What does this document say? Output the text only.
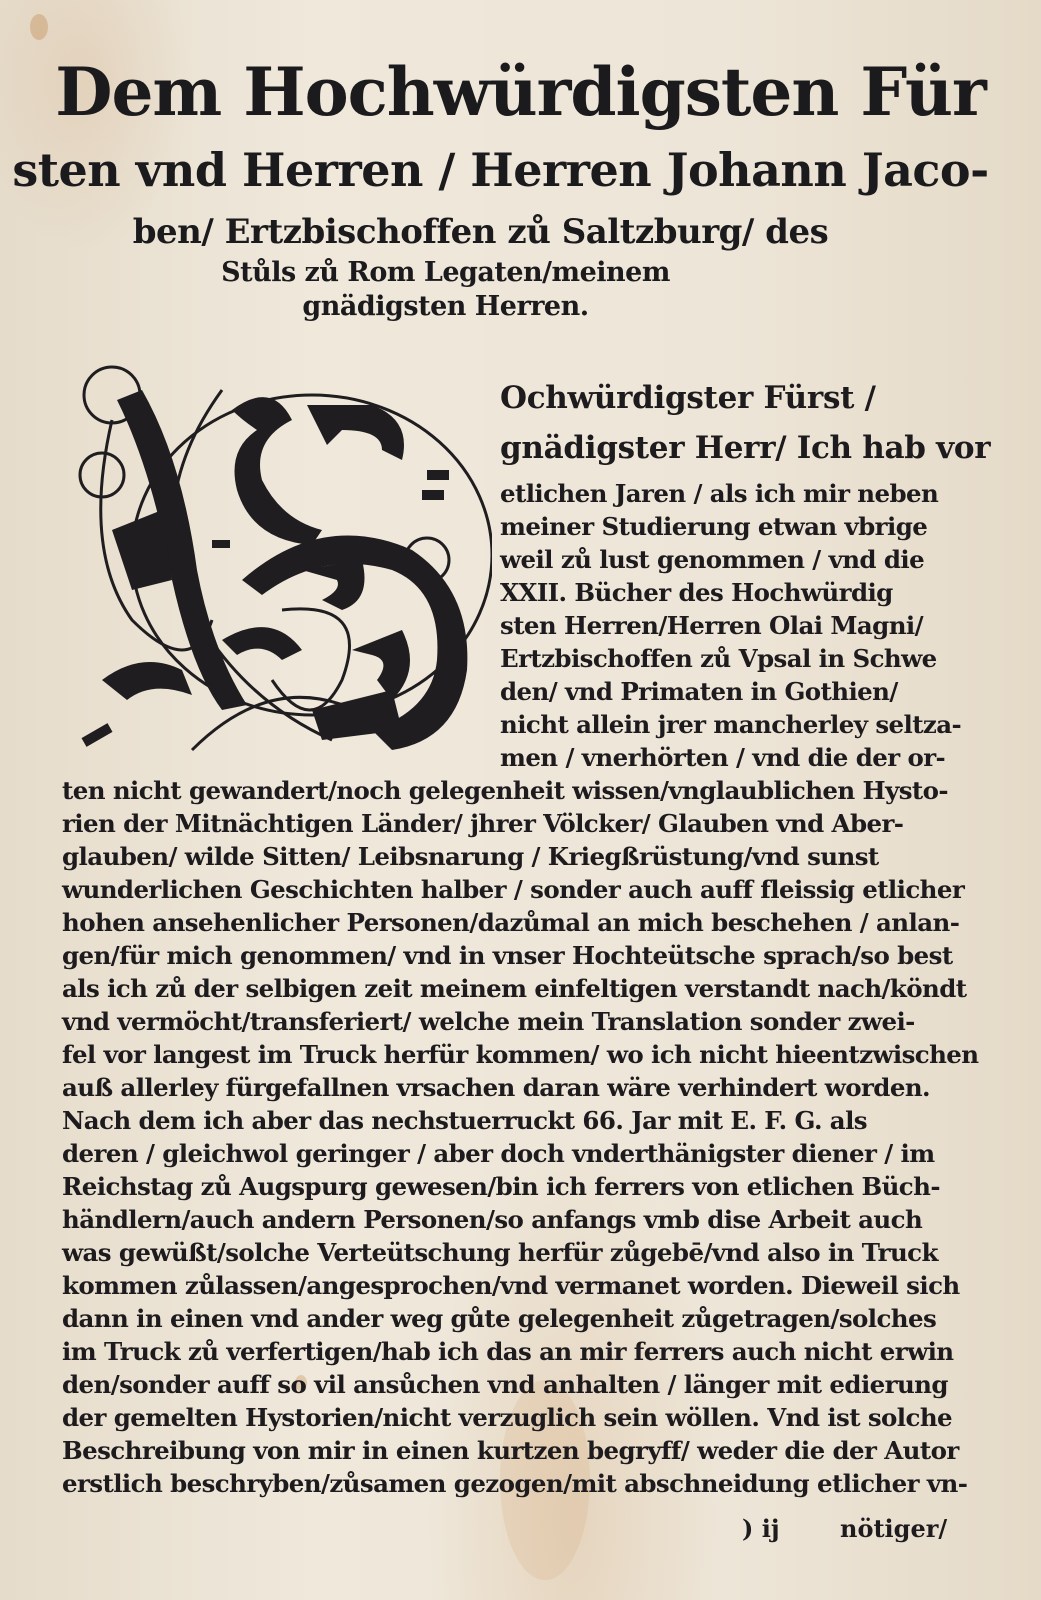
Dem Hochwürdigsten Für
sten vnd Herren / Herren Johann Jaco-
ben/ Ertzbischoffen zů Saltzburg/ des
Stůls zů Rom Legaten/meinem
gnädigsten Herren.
Ochwürdigster Fürst /
gnädigster Herr/ Ich hab vor
etlichen Jaren / als ich mir neben
meiner Studierung etwan vbrige
weil zů lust genommen / vnd die
XXII. Bücher des Hochwürdig
sten Herren/Herren Olai Magni/
Ertzbischoffen zů Vpsal in Schwe
den/ vnd Primaten in Gothien/
nicht allein jrer mancherley seltza-
men / vnerhörten / vnd die der or-
ten nicht gewandert/noch gelegenheit wissen/vnglaublichen Hysto-
rien der Mitnächtigen Länder/ jhrer Völcker/ Glauben vnd Aber-
glauben/ wilde Sitten/ Leibsnarung / Kriegßrüstung/vnd sunst
wunderlichen Geschichten halber / sonder auch auff fleissig etlicher
hohen ansehenlicher Personen/dazůmal an mich beschehen / anlan-
gen/für mich genommen/ vnd in vnser Hochteütsche sprach/so best
als ich zů der selbigen zeit meinem einfeltigen verstandt nach/köndt
vnd vermöcht/transferiert/ welche mein Translation sonder zwei-
fel vor langest im Truck herfür kommen/ wo ich nicht hieentzwischen
auß allerley fürgefallnen vrsachen daran wäre verhindert worden.
Nach dem ich aber das nechstuerruckt 66. Jar mit E. F. G. als
deren / gleichwol geringer / aber doch vnderthänigster diener / im
Reichstag zů Augspurg gewesen/bin ich ferrers von etlichen Büch-
händlern/auch andern Personen/so anfangs vmb dise Arbeit auch
was gewüßt/solche Verteütschung herfür zůgebē/vnd also in Truck
kommen zůlassen/angesprochen/vnd vermanet worden. Dieweil sich
dann in einen vnd ander weg gůte gelegenheit zůgetragen/solches
im Truck zů verfertigen/hab ich das an mir ferrers auch nicht erwin
den/sonder auff so vil ansůchen vnd anhalten / länger mit edierung
der gemelten Hystorien/nicht verzuglich sein wöllen. Vnd ist solche
Beschreibung von mir in einen kurtzen begryff/ weder die der Autor
erstlich beschryben/zůsamen gezogen/mit abschneidung etlicher vn-
) ij	nötiger/
